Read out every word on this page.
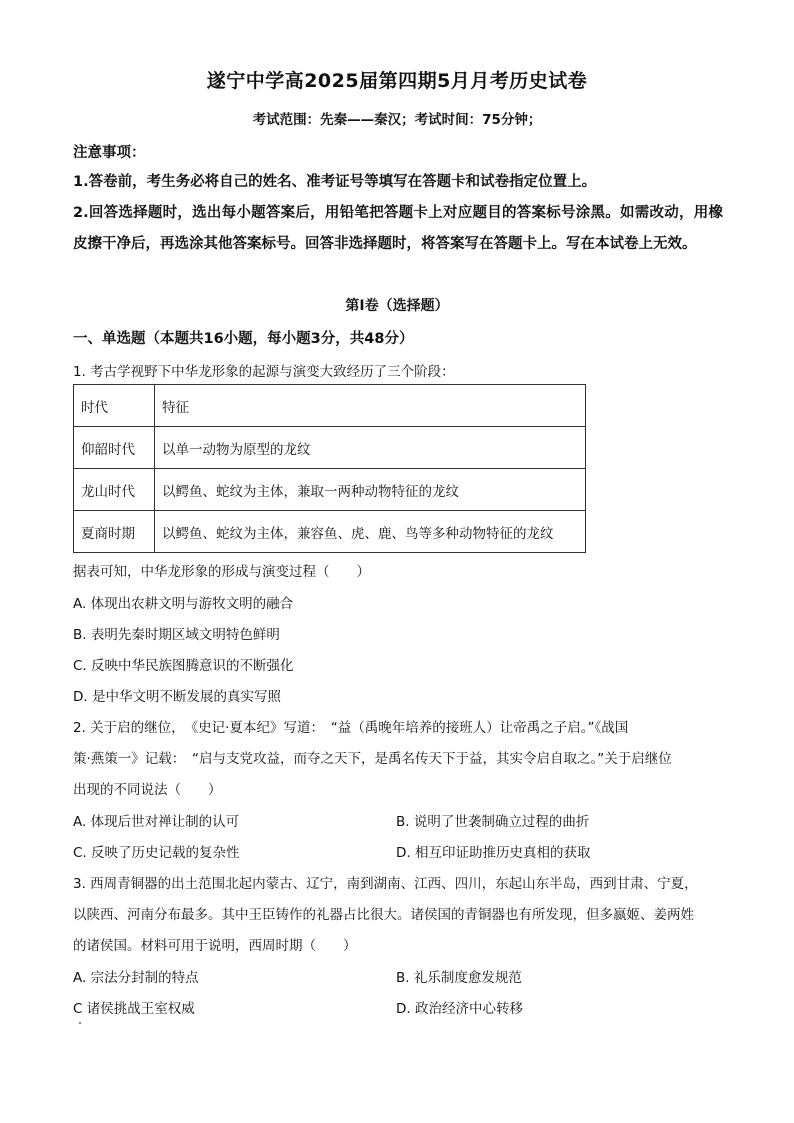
遂宁中学高2025届第四期5月月考历史试卷
考试范围：先秦——秦汉；考试时间：75分钟；
注意事项：

1.答卷前，考生务必将自己的姓名、准考证号等填写在答题卡和试卷指定位置上。

2.回答选择题时，选出每小题答案后，用铅笔把答题卡上对应题目的答案标号涂黑。如需改动，用橡皮擦干净后，再选涂其他答案标号。回答非选择题时，将答案写在答题卡上。写在本试卷上无效。

第I卷（选择题）
一、单选题（本题共16小题，每小题3分，共48分）
1. 考古学视野下中华龙形象的起源与演变大致经历了三个阶段：
时代	特征
仰韶时代	以单一动物为原型的龙纹
龙山时代	以鳄鱼、蛇纹为主体，兼取一两种动物特征的龙纹
夏商时期	以鳄鱼、蛇纹为主体，兼容鱼、虎、鹿、鸟等多种动物特征的龙纹
据表可知，中华龙形象的形成与演变过程（　　）
A. 体现出农耕文明与游牧文明的融合
B. 表明先秦时期区域文明特色鲜明
C. 反映中华民族图腾意识的不断强化
D. 是中华文明不断发展的真实写照
2. 关于启的继位，　《史记·夏本纪》写道：　“益（禹晚年培养的接班人）让帝禹之子启。”《战国
策·燕策一》记载：　“启与支党攻益，而夺之天下，是禹名传天下于益，其实令启自取之。”关于启继位
出现的不同说法（　　）
A. 体现后世对禅让制的认可	B. 说明了世袭制确立过程的曲折
C. 反映了历史记载的复杂性	D. 相互印证助推历史真相的获取
3. 西周青铜器的出土范围北起内蒙古、辽宁，南到湖南、江西、四川，东起山东半岛，西到甘肃、宁夏，
以陕西、河南分布最多。其中王臣铸作的礼器占比很大。诸侯国的青铜器也有所发现，但多嬴姬、姜两姓
的诸侯国。材料可用于说明，西周时期（　　）
A. 宗法分封制的特点	B. 礼乐制度愈发规范
C 诸侯挑战王室权威	D. 政治经济中心转移
